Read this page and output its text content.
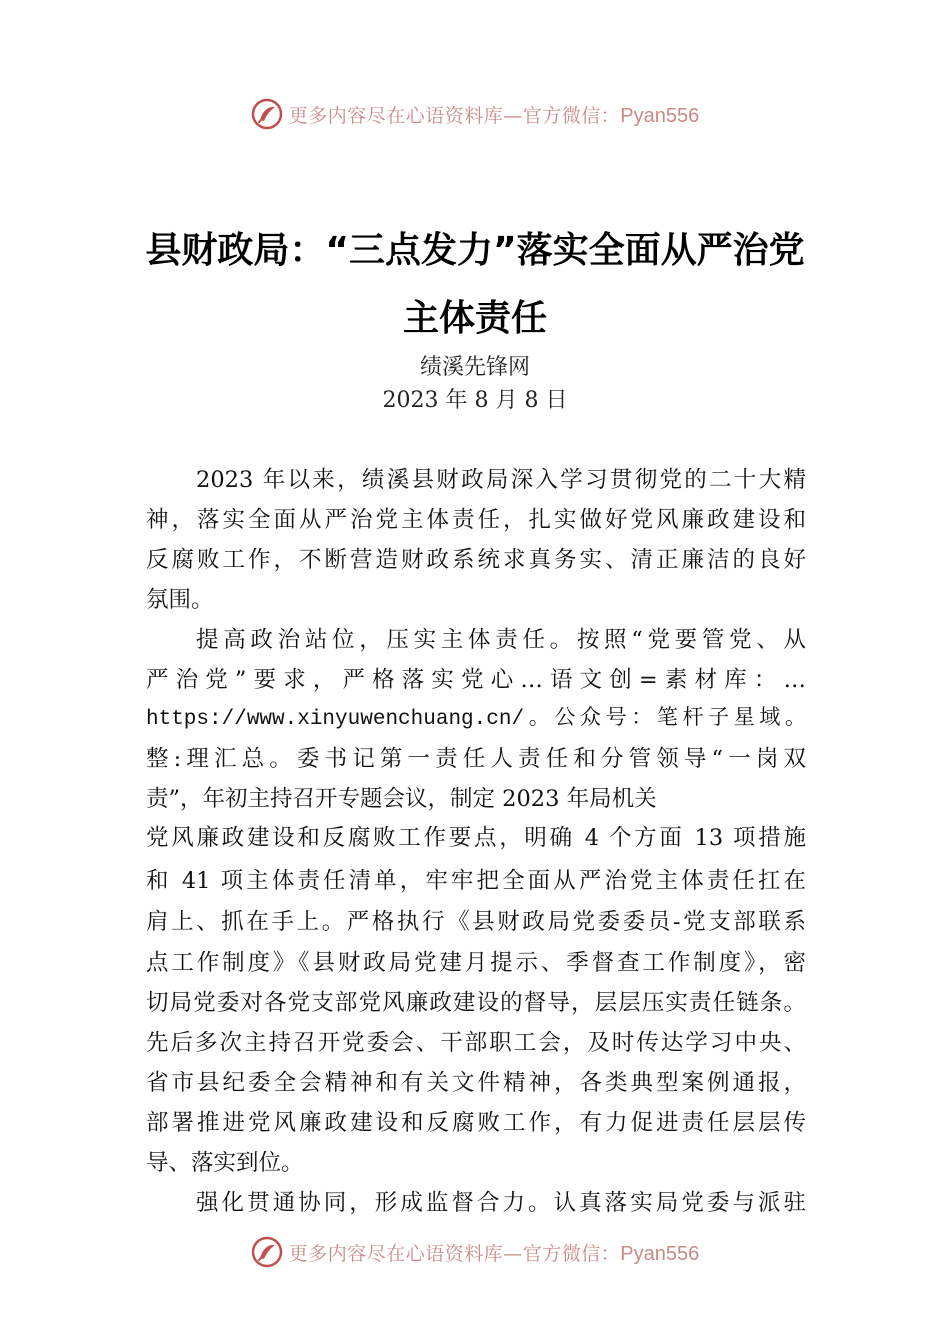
更多内容尽在心语资料库—官方微信：Pyan556
县财政局：“三点发力”落实全面从严治党
主体责任
绩溪先锋网
2023 年 8 月 8 日
2023 年以来，绩溪县财政局深入学习贯彻党的二十大精
神，落实全面从严治党主体责任，扎实做好党风廉政建设和
反腐败工作，不断营造财政系统求真务实、清正廉洁的良好
氛围。
提高政治站位，压实主体责任。按照“党要管党、从
严治党”要求，严格落实党心…语文创=素材库：…
https://www.xinyuwenchuang.cn/。公众号：笔杆子星域。
整:理汇总。委书记第一责任人责任和分管领导“一岗双
责”，年初主持召开专题会议，制定 2023 年局机关
党风廉政建设和反腐败工作要点，明确 4 个方面 13 项措施
和 41 项主体责任清单，牢牢把全面从严治党主体责任扛在
肩上、抓在手上。严格执行《县财政局党委委员-党支部联系
点工作制度》《县财政局党建月提示、季督查工作制度》，密
切局党委对各党支部党风廉政建设的督导，层层压实责任链条。
先后多次主持召开党委会、干部职工会，及时传达学习中央、
省市县纪委全会精神和有关文件精神，各类典型案例通报，
部署推进党风廉政建设和反腐败工作，有力促进责任层层传
导、落实到位。
强化贯通协同，形成监督合力。认真落实局党委与派驻
更多内容尽在心语资料库—官方微信：Pyan556
